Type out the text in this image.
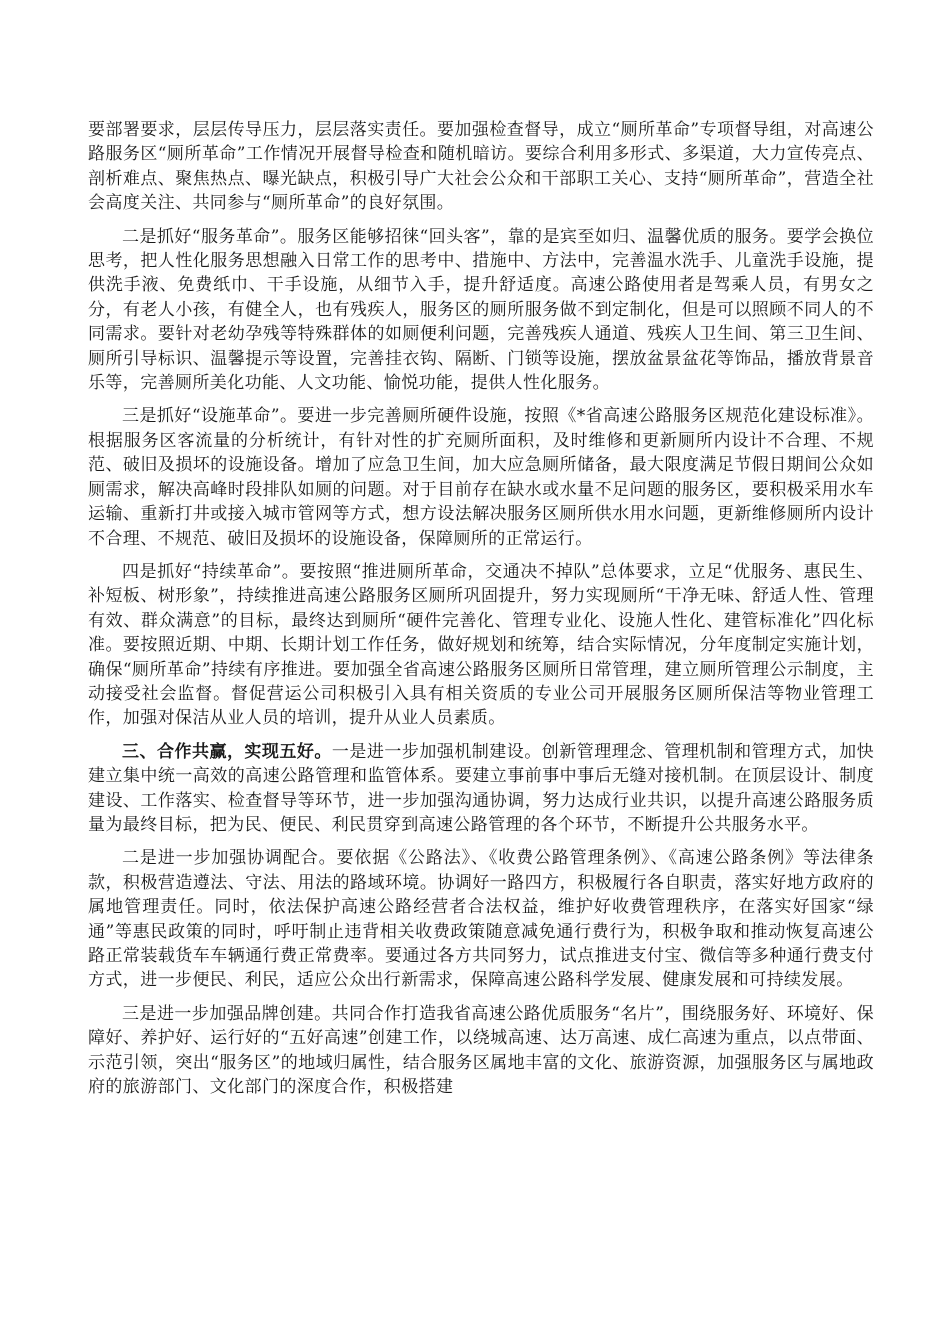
要部署要求，层层传导压力，层层落实责任。要加强检查督导，成立“厕所革命”专项督导组，对高速公路服务区“厕所革命”工作情况开展督导检查和随机暗访。要综合利用多形式、多渠道，大力宣传亮点、剖析难点、聚焦热点、曝光缺点，积极引导广大社会公众和干部职工关心、支持“厕所革命”，营造全社会高度关注、共同参与“厕所革命”的良好氛围。

二是抓好“服务革命”。服务区能够招徕“回头客”，靠的是宾至如归、温馨优质的服务。要学会换位思考，把人性化服务思想融入日常工作的思考中、措施中、方法中，完善温水洗手、儿童洗手设施，提供洗手液、免费纸巾、干手设施，从细节入手，提升舒适度。高速公路使用者是驾乘人员，有男女之分，有老人小孩，有健全人，也有残疾人，服务区的厕所服务做不到定制化，但是可以照顾不同人的不同需求。要针对老幼孕残等特殊群体的如厕便利问题，完善残疾人通道、残疾人卫生间、第三卫生间、厕所引导标识、温馨提示等设置，完善挂衣钩、隔断、门锁等设施，摆放盆景盆花等饰品，播放背景音乐等，完善厕所美化功能、人文功能、愉悦功能，提供人性化服务。

三是抓好“设施革命”。要进一步完善厕所硬件设施，按照《*省高速公路服务区规范化建设标准》。根据服务区客流量的分析统计，有针对性的扩充厕所面积，及时维修和更新厕所内设计不合理、不规范、破旧及损坏的设施设备。增加了应急卫生间，加大应急厕所储备，最大限度满足节假日期间公众如厕需求，解决高峰时段排队如厕的问题。对于目前存在缺水或水量不足问题的服务区，要积极采用水车运输、重新打井或接入城市管网等方式，想方设法解决服务区厕所供水用水问题，更新维修厕所内设计不合理、不规范、破旧及损坏的设施设备，保障厕所的正常运行。

四是抓好“持续革命”。要按照“推进厕所革命，交通决不掉队”总体要求，立足“优服务、惠民生、补短板、树形象”，持续推进高速公路服务区厕所巩固提升，努力实现厕所“干净无味、舒适人性、管理有效、群众满意”的目标，最终达到厕所“硬件完善化、管理专业化、设施人性化、建管标准化”四化标准。要按照近期、中期、长期计划工作任务，做好规划和统筹，结合实际情况，分年度制定实施计划，确保“厕所革命”持续有序推进。要加强全省高速公路服务区厕所日常管理，建立厕所管理公示制度，主动接受社会监督。督促营运公司积极引入具有相关资质的专业公司开展服务区厕所保洁等物业管理工作，加强对保洁从业人员的培训，提升从业人员素质。

三、合作共赢，实现五好。一是进一步加强机制建设。创新管理理念、管理机制和管理方式，加快建立集中统一高效的高速公路管理和监管体系。要建立事前事中事后无缝对接机制。在顶层设计、制度建设、工作落实、检查督导等环节，进一步加强沟通协调，努力达成行业共识，以提升高速公路服务质量为最终目标，把为民、便民、利民贯穿到高速公路管理的各个环节，不断提升公共服务水平。

二是进一步加强协调配合。要依据《公路法》、《收费公路管理条例》、《高速公路条例》等法律条款，积极营造遵法、守法、用法的路域环境。协调好一路四方，积极履行各自职责，落实好地方政府的属地管理责任。同时，依法保护高速公路经营者合法权益，维护好收费管理秩序，在落实好国家“绿通”等惠民政策的同时，呼吁制止违背相关收费政策随意减免通行费行为，积极争取和推动恢复高速公路正常装载货车车辆通行费正常费率。要通过各方共同努力，试点推进支付宝、微信等多种通行费支付方式，进一步便民、利民，适应公众出行新需求，保障高速公路科学发展、健康发展和可持续发展。

三是进一步加强品牌创建。共同合作打造我省高速公路优质服务“名片”，围绕服务好、环境好、保障好、养护好、运行好的“五好高速”创建工作，以绕城高速、达万高速、成仁高速为重点，以点带面、示范引领，突出“服务区”的地域归属性，结合服务区属地丰富的文化、旅游资源，加强服务区与属地政府的旅游部门、文化部门的深度合作，积极搭建
